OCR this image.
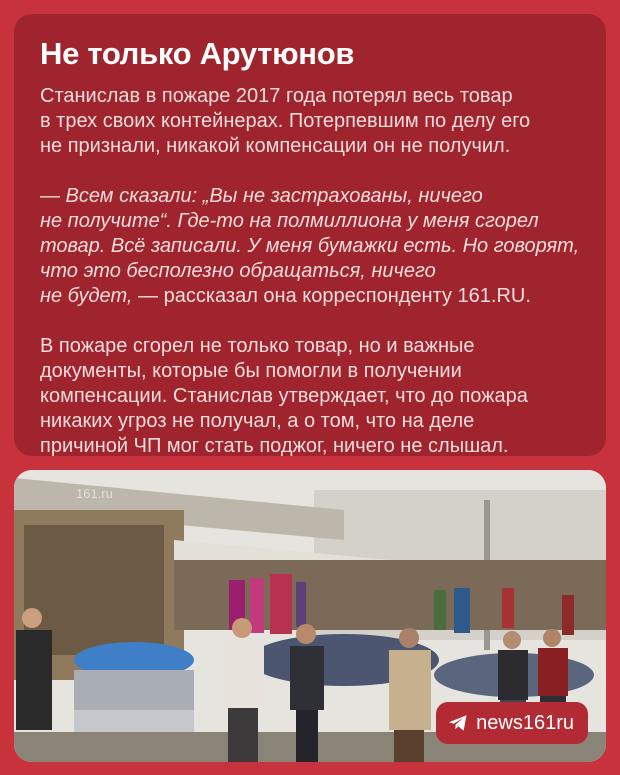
Не только Арутюнов

Станислав в пожаре 2017 года потерял весь товар
в трех своих контейнерах. Потерпевшим по делу его
не признали, никакой компенсации он не получил.

— Всем сказали: „Вы не застрахованы, ничего
не получите“. Где-то на полмиллиона у меня сгорел
товар. Всё записали. У меня бумажки есть. Но говорят,
что это бесполезно обращаться, ничего
не будет, — рассказал она корреспонденту 161.RU.

В пожаре сгорел не только товар, но и важные
документы, которые бы помогли в получении
компенсации. Станислав утверждает, что до пожара
никаких угроз не получал, а о том, что на деле
причиной ЧП мог стать поджог, ничего не слышал.

161.ru
news161ru
